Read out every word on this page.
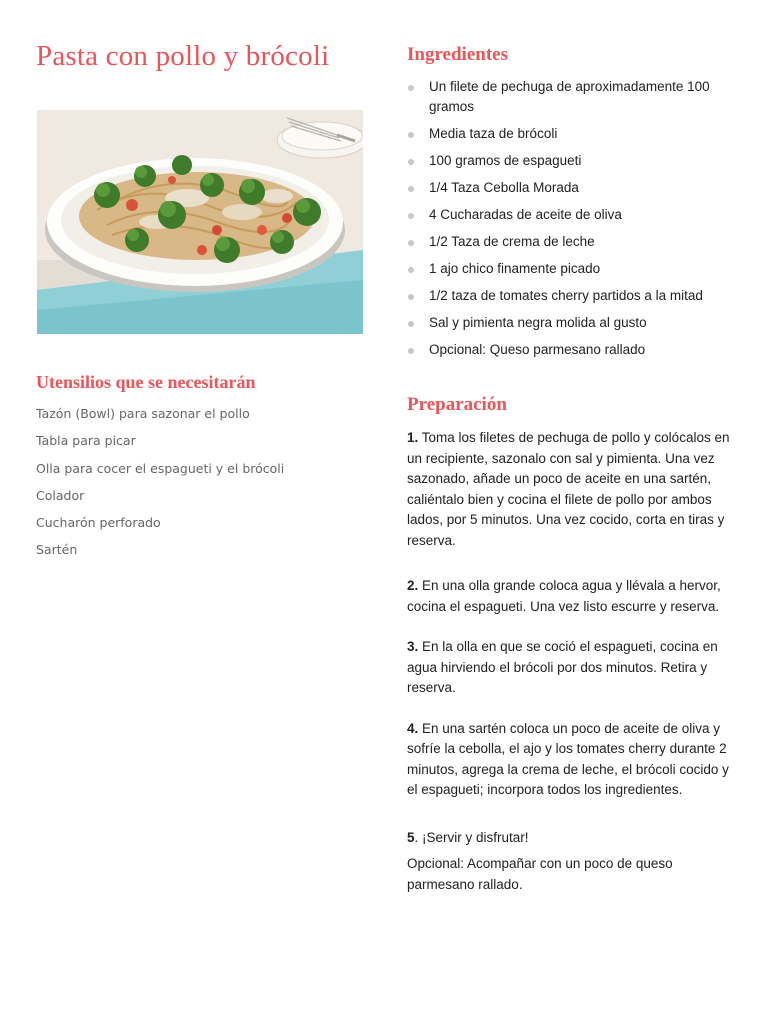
Pasta con pollo y brócoli
Utensilios que se necesitarán
Tazón (Bowl) para sazonar el pollo
Tabla para picar
Olla para cocer el espagueti y el brócoli
Colador
Cucharón perforado
Sartén
Ingredientes
Un filete de pechuga de aproximadamente 100 gramos
Media taza de brócoli
100 gramos de espagueti
1/4 Taza Cebolla Morada
4 Cucharadas de aceite de oliva
1/2 Taza de crema de leche
1 ajo chico finamente picado
1/2 taza de tomates cherry partidos a la mitad
Sal y pimienta negra molida al gusto
Opcional: Queso parmesano rallado
Preparación

1. Toma los filetes de pechuga de pollo y colócalos en un recipiente, sazonalo con sal y pimienta. Una vez sazonado, añade un poco de aceite en una sartén, caliéntalo bien y cocina el filete de pollo por ambos lados, por 5 minutos. Una vez cocido, corta en tiras y reserva.

2. En una olla grande coloca agua y llévala a hervor, cocina el espagueti. Una vez listo escurre y reserva.

3. En la olla en que se coció el espagueti, cocina en agua hirviendo el brócoli por dos minutos. Retira y reserva.

4. En una sartén coloca un poco de aceite de oliva y sofríe la cebolla, el ajo y los tomates cherry durante 2 minutos, agrega la crema de leche, el brócoli cocido y el espagueti; incorpora todos los ingredientes.

5. ¡Servir y disfrutar!

Opcional: Acompañar con un poco de queso parmesano rallado.
